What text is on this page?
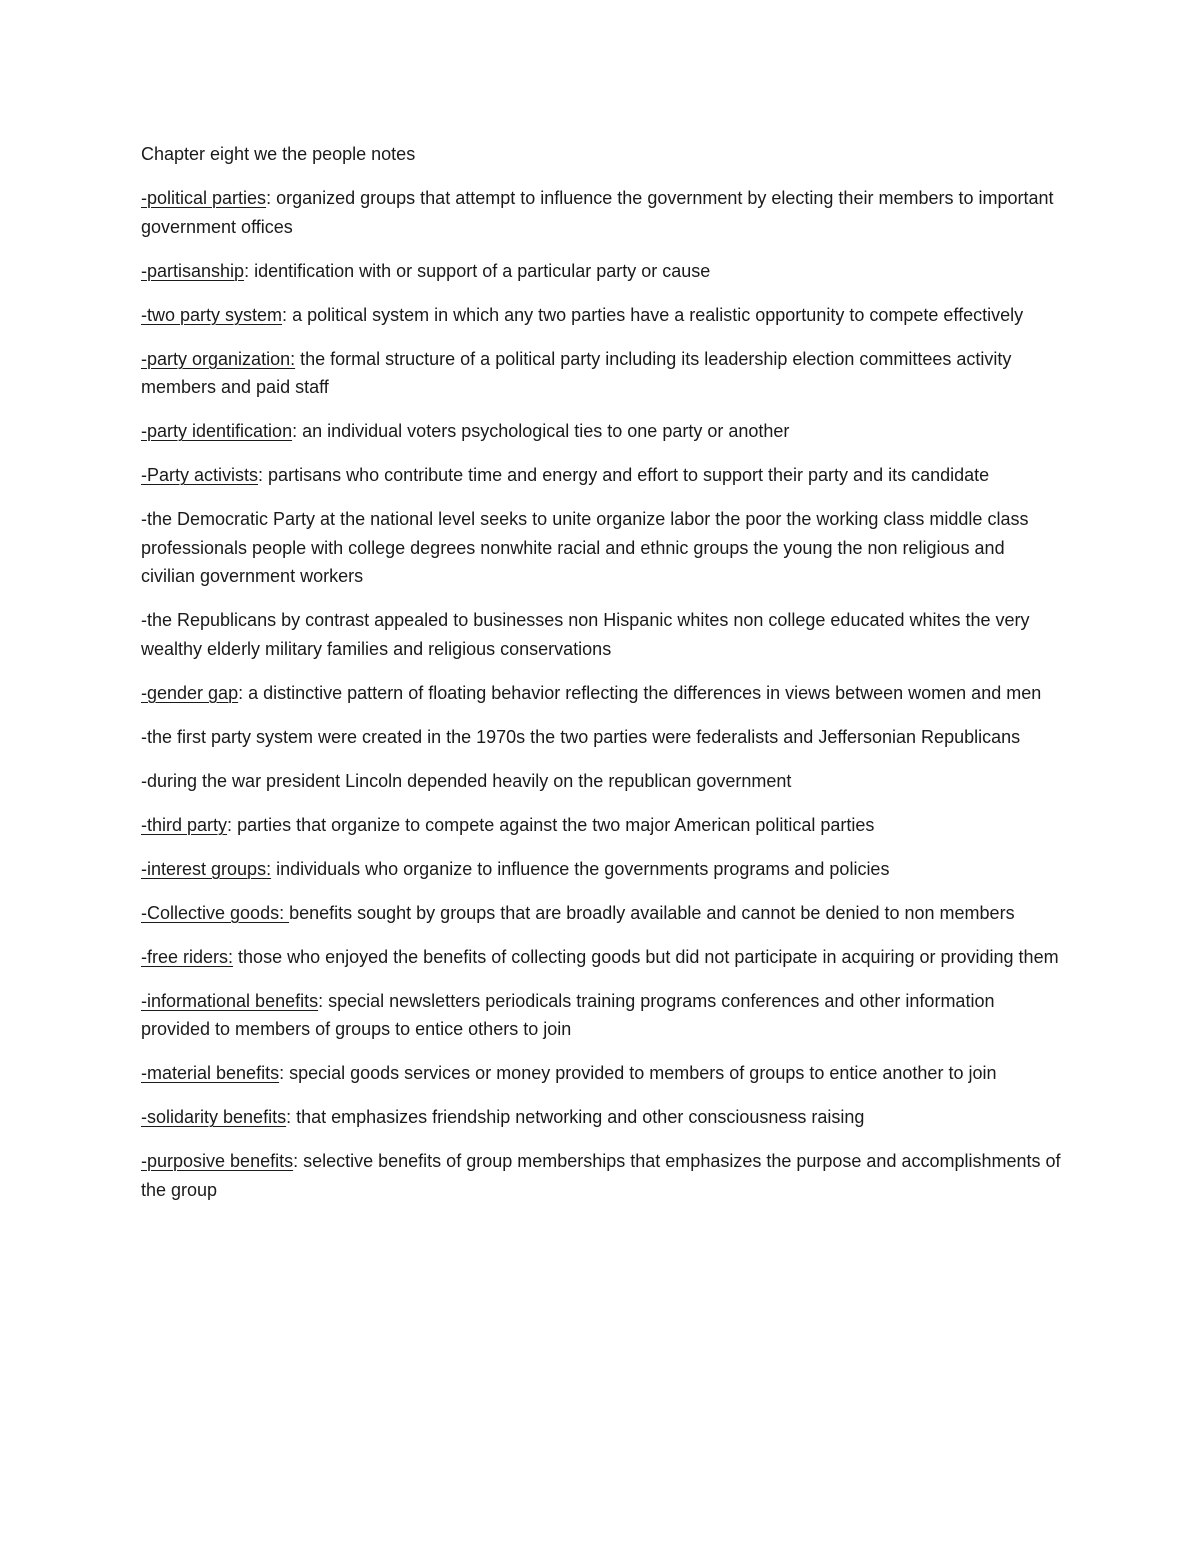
Chapter eight we the people notes

-political parties: organized groups that attempt to influence the government by electing their members to important government offices

-partisanship: identification with or support of a particular party or cause

-two party system: a political system in which any two parties have a realistic opportunity to compete effectively

-party organization: the formal structure of a political party including its leadership election committees activity members and paid staff

-party identification: an individual voters psychological ties to one party or another

-Party activists: partisans who contribute time and energy and effort to support their party and its candidate

-the Democratic Party at the national level seeks to unite organize labor the poor the working class middle class professionals people with college degrees nonwhite racial and ethnic groups the young the non religious and civilian government workers

-the Republicans by contrast appealed to businesses non Hispanic whites non college educated whites the very wealthy elderly military families and religious conservations

-gender gap: a distinctive pattern of floating behavior reflecting the differences in views between women and men

-the first party system were created in the 1970s the two parties were federalists and Jeffersonian Republicans

-during the war president Lincoln depended heavily on the republican government

-third party: parties that organize to compete against the two major American political parties

-interest groups: individuals who organize to influence the governments programs and policies

-Collective goods: benefits sought by groups that are broadly available and cannot be denied to non members

-free riders: those who enjoyed the benefits of collecting goods but did not participate in acquiring or providing them

-informational benefits: special newsletters periodicals training programs conferences and other information provided to members of groups to entice others to join

-material benefits: special goods services or money provided to members of groups to entice another to join

-solidarity benefits: that emphasizes friendship networking and other consciousness raising

-purposive benefits: selective benefits of group memberships that emphasizes the purpose and accomplishments of the group
